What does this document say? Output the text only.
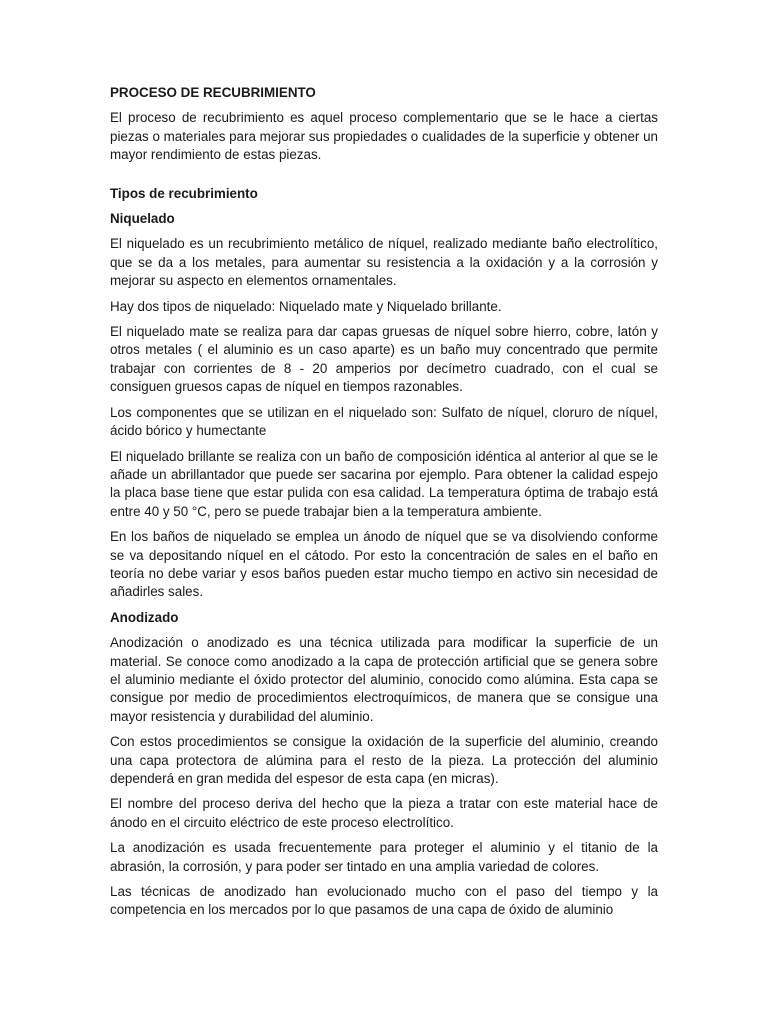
PROCESO DE RECUBRIMIENTO

El proceso de recubrimiento es aquel proceso complementario que se le hace a ciertas piezas o materiales para mejorar sus propiedades o cualidades de la superficie y obtener un mayor rendimiento de estas piezas.

Tipos de recubrimiento
Niquelado

El niquelado es un recubrimiento metálico de níquel, realizado mediante baño electrolítico, que se da a los metales, para aumentar su resistencia a la oxidación y a la corrosión y mejorar su aspecto en elementos ornamentales.

Hay dos tipos de niquelado: Niquelado mate y Niquelado brillante.

El niquelado mate se realiza para dar capas gruesas de níquel sobre hierro, cobre, latón y otros metales ( el aluminio es un caso aparte) es un baño muy concentrado que permite trabajar con corrientes de 8 - 20 amperios por decímetro cuadrado, con el cual se consiguen gruesos capas de níquel en tiempos razonables.

Los componentes que se utilizan en el niquelado son: Sulfato de níquel, cloruro de níquel, ácido bórico y humectante

El niquelado brillante se realiza con un baño de composición idéntica al anterior al que se le añade un abrillantador que puede ser sacarina por ejemplo. Para obtener la calidad espejo la placa base tiene que estar pulida con esa calidad. La temperatura óptima de trabajo está entre 40 y 50 °C, pero se puede trabajar bien a la temperatura ambiente.

En los baños de niquelado se emplea un ánodo de níquel que se va disolviendo conforme se va depositando níquel en el cátodo. Por esto la concentración de sales en el baño en teoría no debe variar y esos baños pueden estar mucho tiempo en activo sin necesidad de añadirles sales.

Anodizado

Anodización o anodizado es una técnica utilizada para modificar la superficie de un material. Se conoce como anodizado a la capa de protección artificial que se genera sobre el aluminio mediante el óxido protector del aluminio, conocido como alúmina. Esta capa se consigue por medio de procedimientos electroquímicos, de manera que se consigue una mayor resistencia y durabilidad del aluminio.

Con estos procedimientos se consigue la oxidación de la superficie del aluminio, creando una capa protectora de alúmina para el resto de la pieza. La protección del aluminio dependerá en gran medida del espesor de esta capa (en micras).

El nombre del proceso deriva del hecho que la pieza a tratar con este material hace de ánodo en el circuito eléctrico de este proceso electrolítico.

La anodización es usada frecuentemente para proteger el aluminio y el titanio de la abrasión, la corrosión, y para poder ser tintado en una amplia variedad de colores.

Las técnicas de anodizado han evolucionado mucho con el paso del tiempo y la competencia en los mercados por lo que pasamos de una capa de óxido de aluminio
